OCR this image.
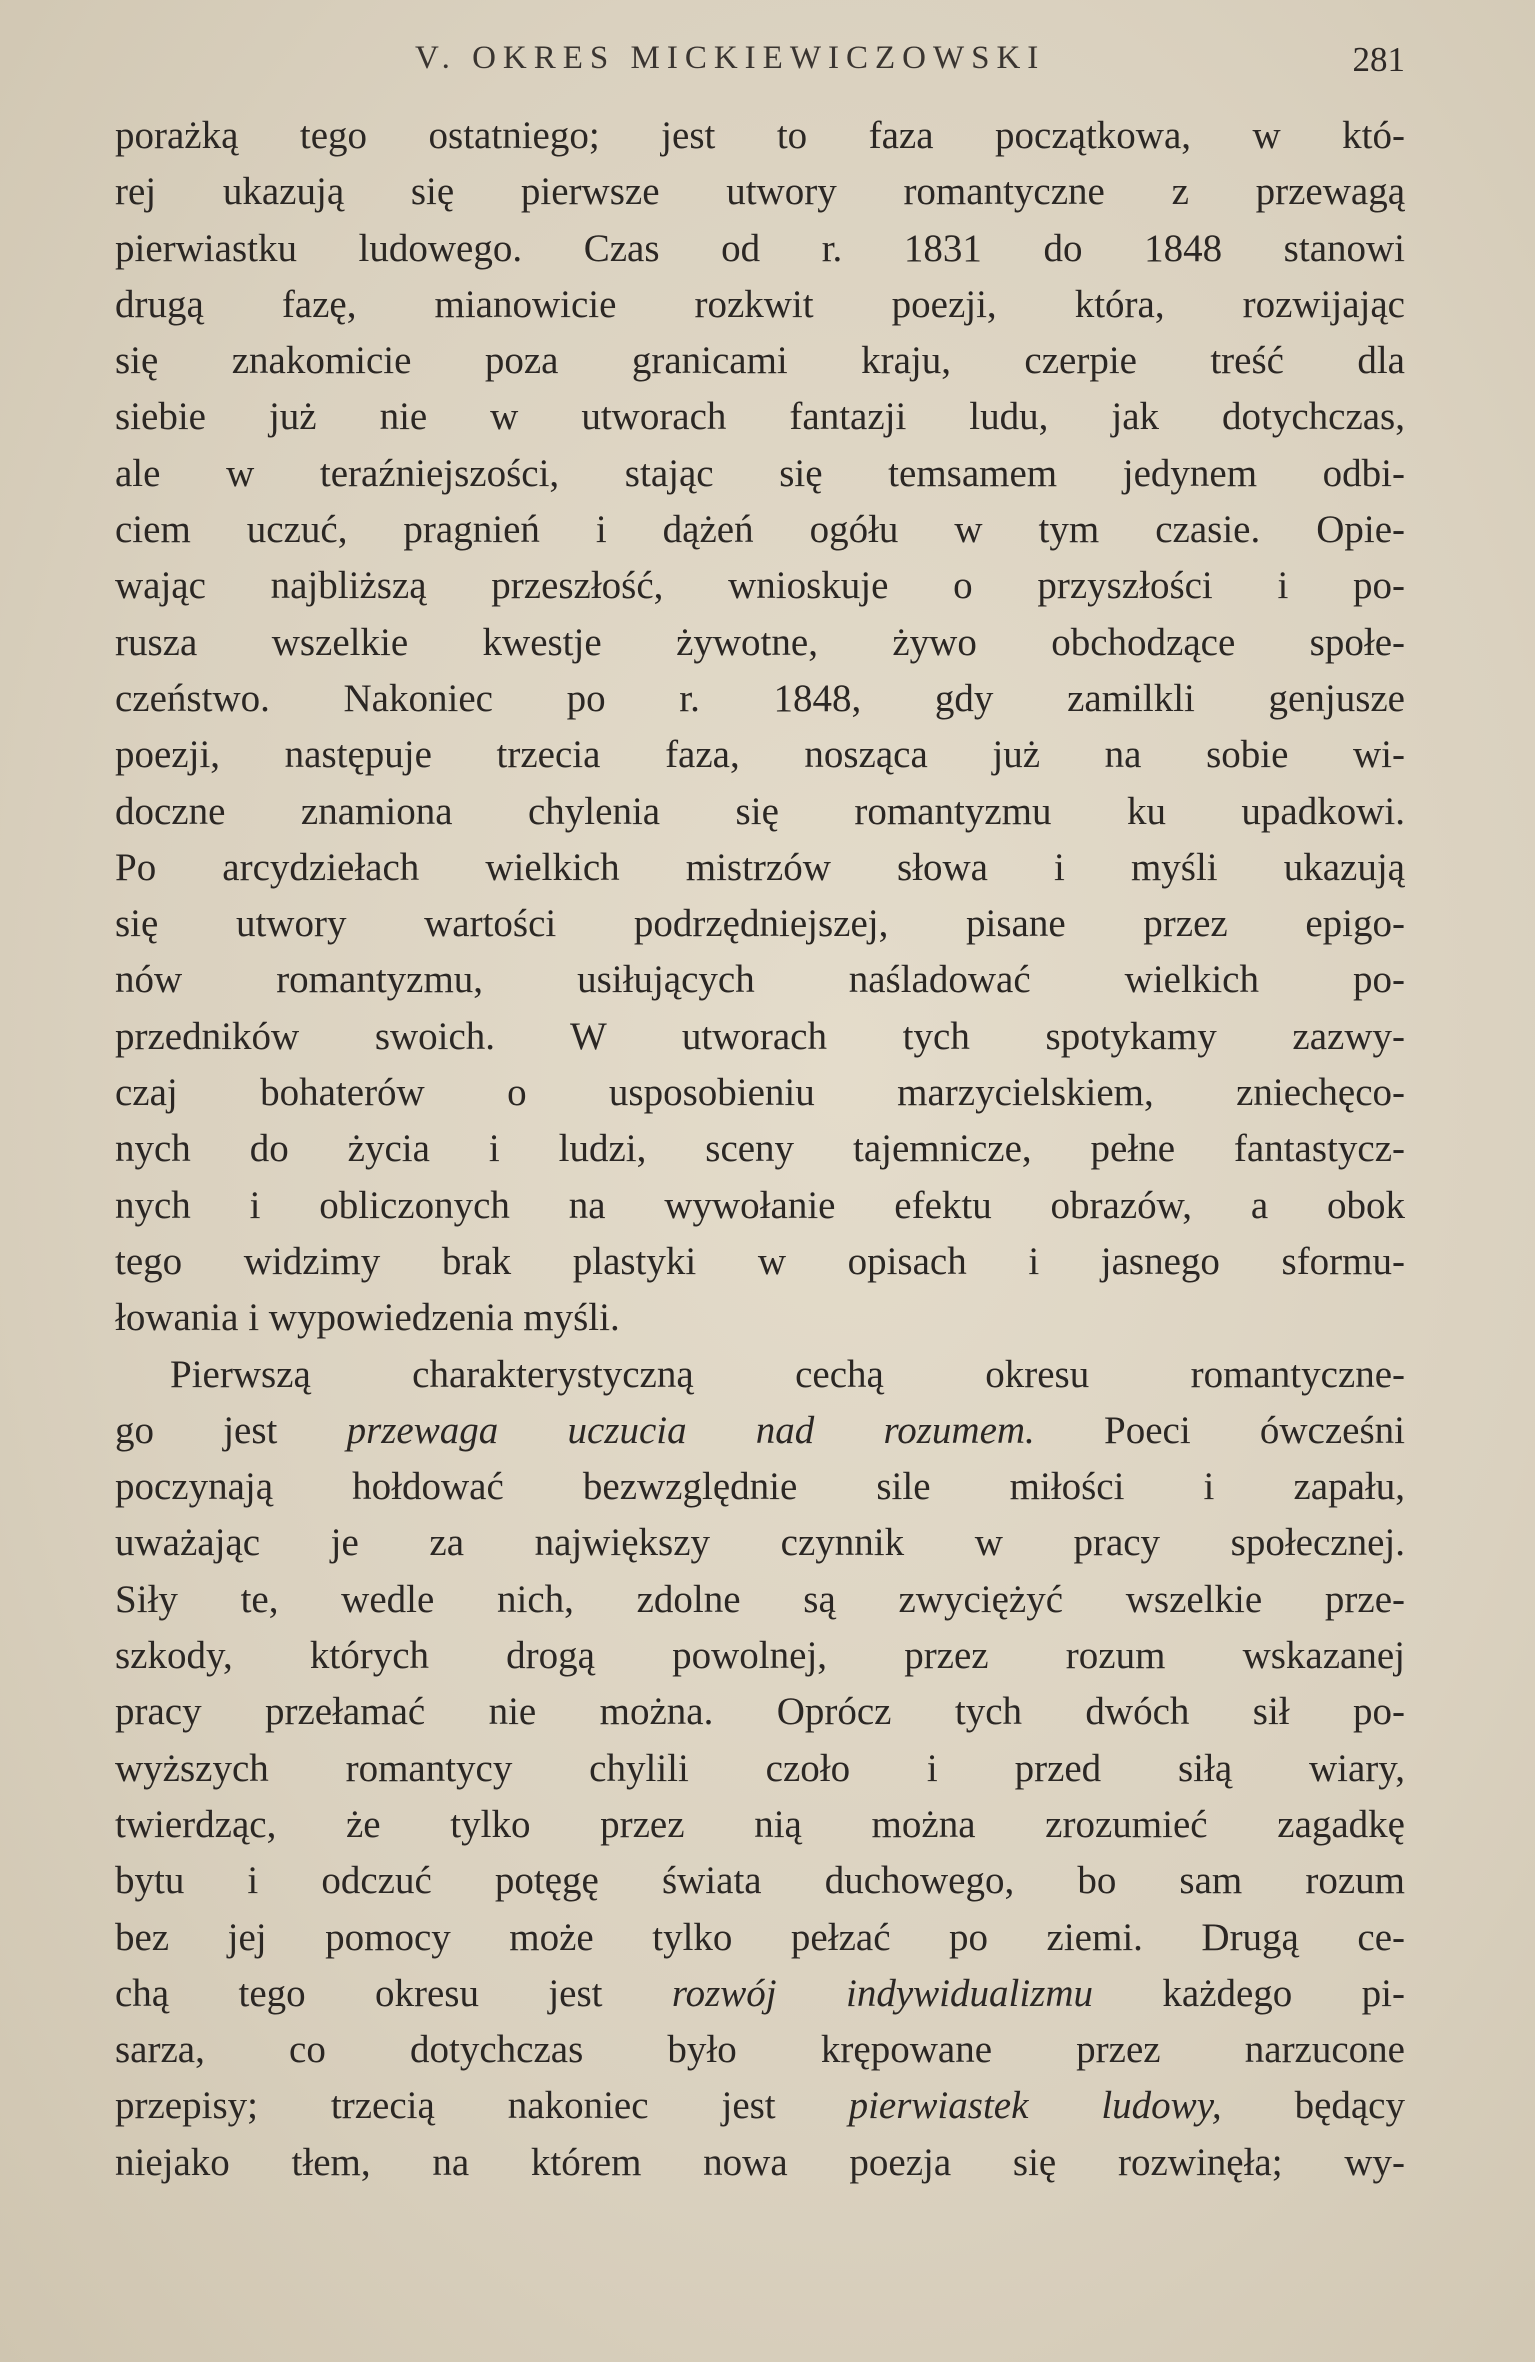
V. OKRES MICKIEWICZOWSKI	281
porażką tego ostatniego; jest to faza początkowa, w któ-
rej ukazują się pierwsze utwory romantyczne z przewagą
pierwiastku ludowego. Czas od r. 1831 do 1848 stanowi
drugą fazę, mianowicie rozkwit poezji, która, rozwijając
się znakomicie poza granicami kraju, czerpie treść dla
siebie już nie w utworach fantazji ludu, jak dotychczas,
ale w teraźniejszości, stając się temsamem jedynem odbi-
ciem uczuć, pragnień i dążeń ogółu w tym czasie. Opie-
wając najbliższą przeszłość, wnioskuje o przyszłości i po-
rusza wszelkie kwestje żywotne, żywo obchodzące społe-
czeństwo. Nakoniec po r. 1848, gdy zamilkli genjusze
poezji, następuje trzecia faza, nosząca już na sobie wi-
doczne znamiona chylenia się romantyzmu ku upadkowi.
Po arcydziełach wielkich mistrzów słowa i myśli ukazują
się utwory wartości podrzędniejszej, pisane przez epigo-
nów romantyzmu, usiłujących naśladować wielkich po-
przedników swoich. W utworach tych spotykamy zazwy-
czaj bohaterów o usposobieniu marzycielskiem, zniechęco-
nych do życia i ludzi, sceny tajemnicze, pełne fantastycz-
nych i obliczonych na wywołanie efektu obrazów, a obok
tego widzimy brak plastyki w opisach i jasnego sformu-
łowania i wypowiedzenia myśli.
Pierwszą charakterystyczną cechą okresu romantyczne-
go jest przewaga uczucia nad rozumem. Poeci ówcześni
poczynają hołdować bezwzględnie sile miłości i zapału,
uważając je za największy czynnik w pracy społecznej.
Siły te, wedle nich, zdolne są zwyciężyć wszelkie prze-
szkody, których drogą powolnej, przez rozum wskazanej
pracy przełamać nie można. Oprócz tych dwóch sił po-
wyższych romantycy chylili czoło i przed siłą wiary,
twierdząc, że tylko przez nią można zrozumieć zagadkę
bytu i odczuć potęgę świata duchowego, bo sam rozum
bez jej pomocy może tylko pełzać po ziemi. Drugą ce-
chą tego okresu jest rozwój indywidualizmu każdego pi-
sarza, co dotychczas było krępowane przez narzucone
przepisy; trzecią nakoniec jest pierwiastek ludowy, będący
niejako tłem, na którem nowa poezja się rozwinęła; wy-
